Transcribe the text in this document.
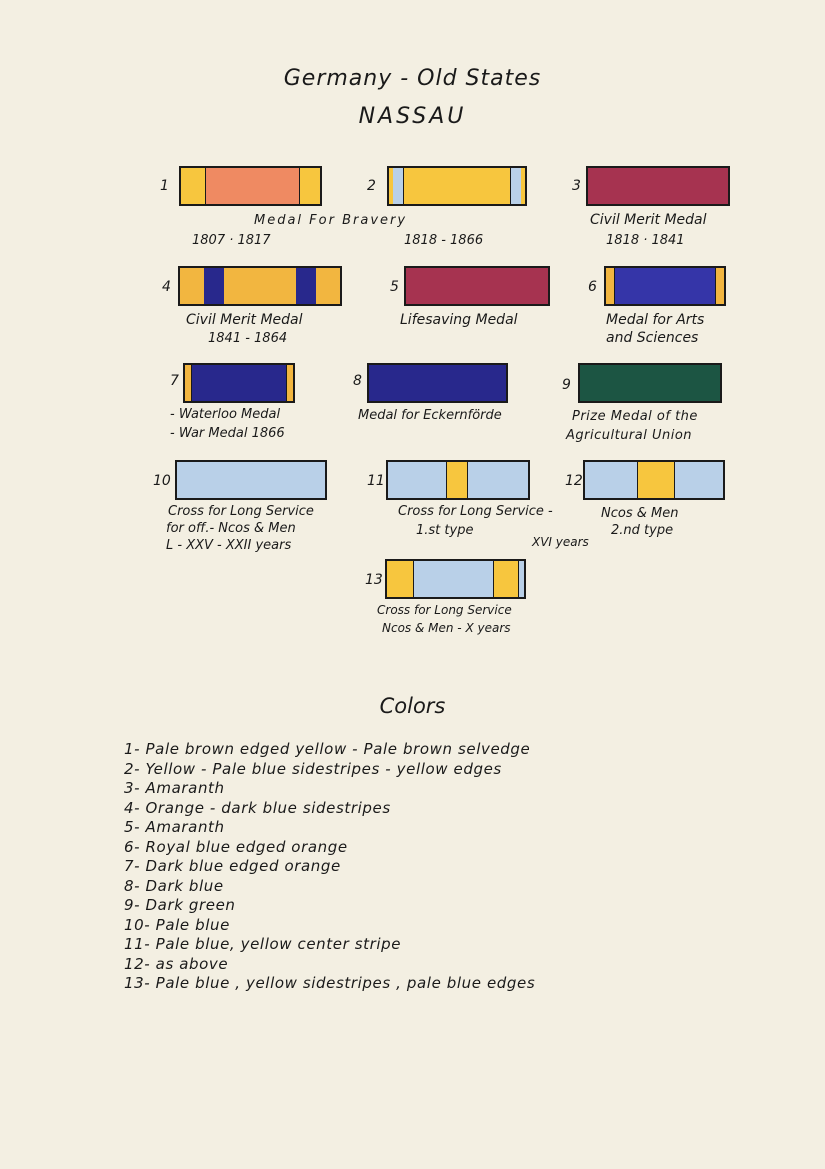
Germany - Old States
NASSAU
1
Medal For Bravery
1807 · 1817
2
1818 - 1866
3
Civil Merit Medal
1818 · 1841
4
Civil Merit Medal
1841 - 1864
5
Lifesaving Medal
6
Medal for Arts
and Sciences
7
- Waterloo Medal
- War Medal 1866
8
Medal for Eckernförde
9
Prize Medal of the
Agricultural Union
10
Cross for Long Service
for off.- Ncos & Men
L - XXV - XXII years
11
Cross for Long Service -
1.st type
XVI years
12
Ncos & Men
2.nd type
13
Cross for Long Service
Ncos & Men - X years
Colors
1- Pale brown edged yellow - Pale brown selvedge
2- Yellow - Pale blue sidestripes - yellow edges
3- Amaranth
4- Orange - dark blue sidestripes
5- Amaranth
6- Royal blue edged orange
7- Dark blue edged orange
8- Dark blue
9- Dark green
10- Pale blue
11- Pale blue, yellow center stripe
12- as above
13- Pale blue , yellow sidestripes , pale blue edges
